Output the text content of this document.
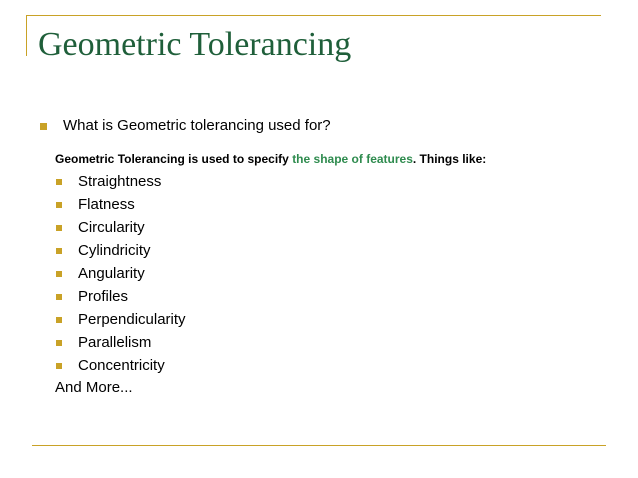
Geometric Tolerancing
What is Geometric tolerancing used for?
Geometric Tolerancing is used to specify the shape of features. Things like:
Straightness
Flatness
Circularity
Cylindricity
Angularity
Profiles
Perpendicularity
Parallelism
Concentricity
And More...
